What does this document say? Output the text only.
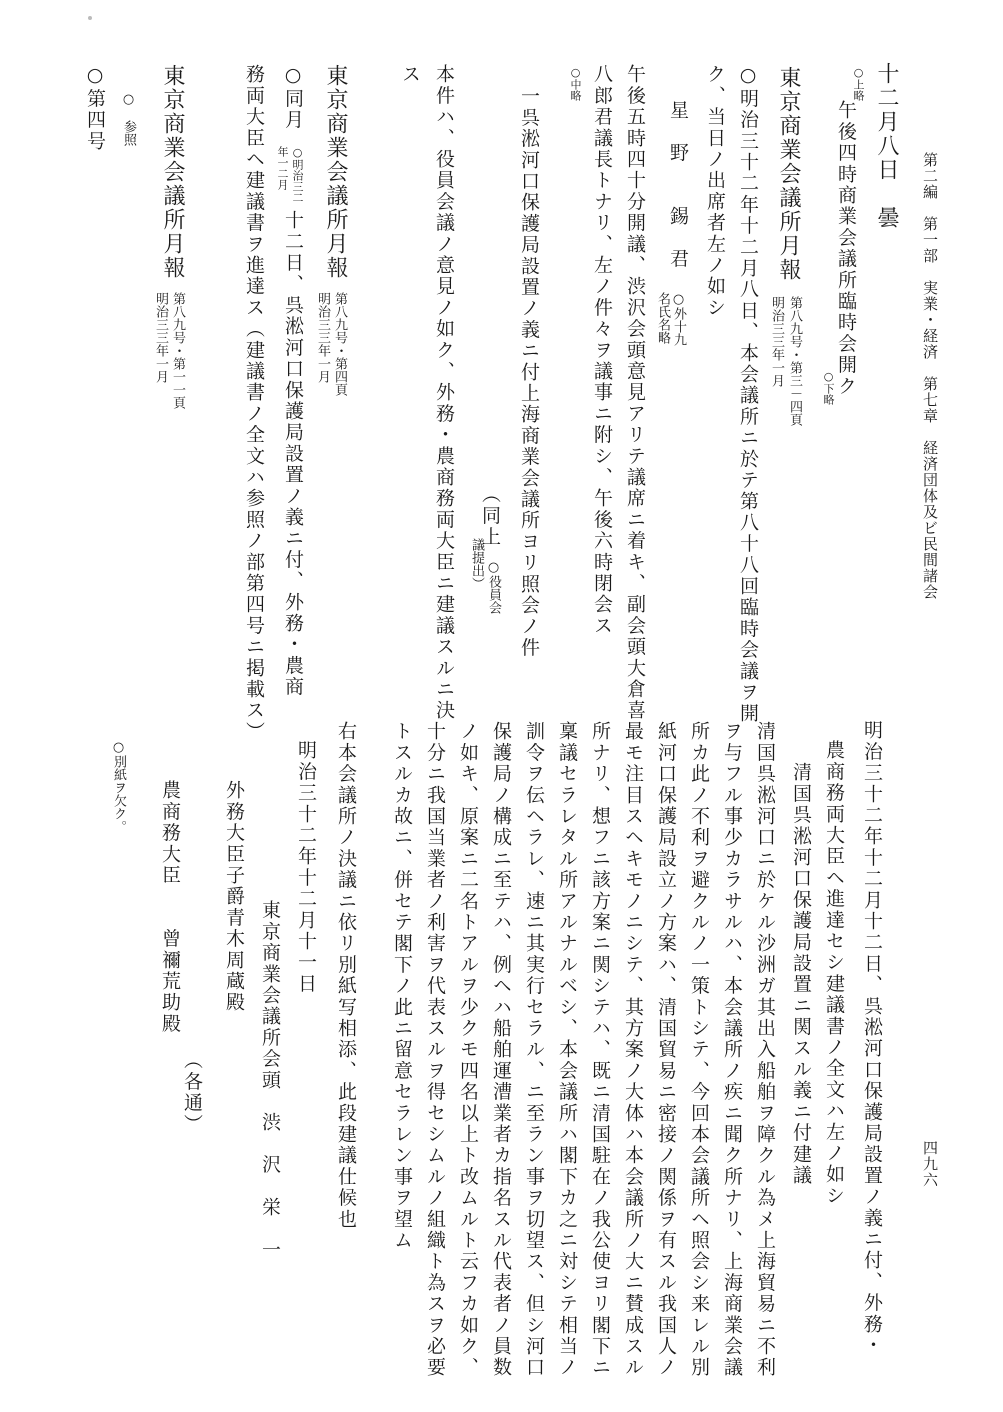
第二編　第一部　実業・経済　第七章　経済団体及ビ民間諸会
四九六
十二月八日　曇
○上略
午後四時商業会議所臨時会開ク
○下略
東京商業会議所月報
第八九号・第三－四頁
明治三三年一月
○明治三十二年十二月八日、本会議所ニ於テ第八十八回臨時会議ヲ開
ク、当日ノ出席者左ノ如シ
星　野　　錫　君
○外十九
名氏名略
午後五時四十分開議、渋沢会頭意見アリテ議席ニ着キ、副会頭大倉喜
八郎君議長トナリ、左ノ件々ヲ議事ニ附シ、午後六時閉会ス
○中略
一呉淞河口保護局設置ノ義ニ付上海商業会議所ヨリ照会ノ件
（同上
○役員会
議提出）
本件ハ、役員会議ノ意見ノ如ク、外務・農商務両大臣ニ建議スルニ決
ス
東京商業会議所月報
第八九号・第四頁
明治三三年一月
○同月
○明治三二
年一二月
十二日、呉淞河口保護局設置ノ義ニ付、外務・農商
務両大臣ヘ建議書ヲ進達ス（建議書ノ全文ハ参照ノ部第四号ニ掲載ス）
東京商業会議所月報
第八九号・第一一頁
明治三三年一月
○　参照
○第四号
明治三十二年十二月十二日、呉淞河口保護局設置ノ義ニ付、外務・
農商務両大臣ヘ進達セシ建議書ノ全文ハ左ノ如シ
清国呉淞河口保護局設置ニ関スル義ニ付建議
清国呉淞河口ニ於ケル沙洲ガ其出入船舶ヲ障クル為メ上海貿易ニ不利
ヲ与フル事少カラサルハ、本会議所ノ疾ニ聞ク所ナリ、上海商業会議
所カ此ノ不利ヲ避クルノ一策トシテ、今回本会議所ヘ照会シ来レル別
紙河口保護局設立ノ方案ハ、清国貿易ニ密接ノ関係ヲ有スル我国人ノ
最モ注目スヘキモノニシテ、其方案ノ大体ハ本会議所ノ大ニ賛成スル
所ナリ、想フニ該方案ニ関シテハ、既ニ清国駐在ノ我公使ヨリ閣下ニ
稟議セラレタル所アルナルベシ、本会議所ハ閣下カ之ニ対シテ相当ノ
訓令ヲ伝ヘラレ、速ニ其実行セラル、ニ至ラン事ヲ切望ス、但シ河口
保護局ノ構成ニ至テハ、例ヘハ船舶運漕業者カ指名スル代表者ノ員数
ノ如キ、原案ニ二名トアルヲ少クモ四名以上ト改ムルト云フカ如ク、
十分ニ我国当業者ノ利害ヲ代表スルヲ得セシムルノ組織ト為スヲ必要
トスルカ故ニ、併セテ閣下ノ此ニ留意セラレン事ヲ望ム
右本会議所ノ決議ニ依リ別紙写相添、此段建議仕候也
明治三十二年十二月十一日
東京商業会議所会頭　渋　沢　栄　一
外務大臣子爵青木周蔵殿
（各通）
農商務大臣　　曾禰荒助殿
○別紙ヲ欠ク。
